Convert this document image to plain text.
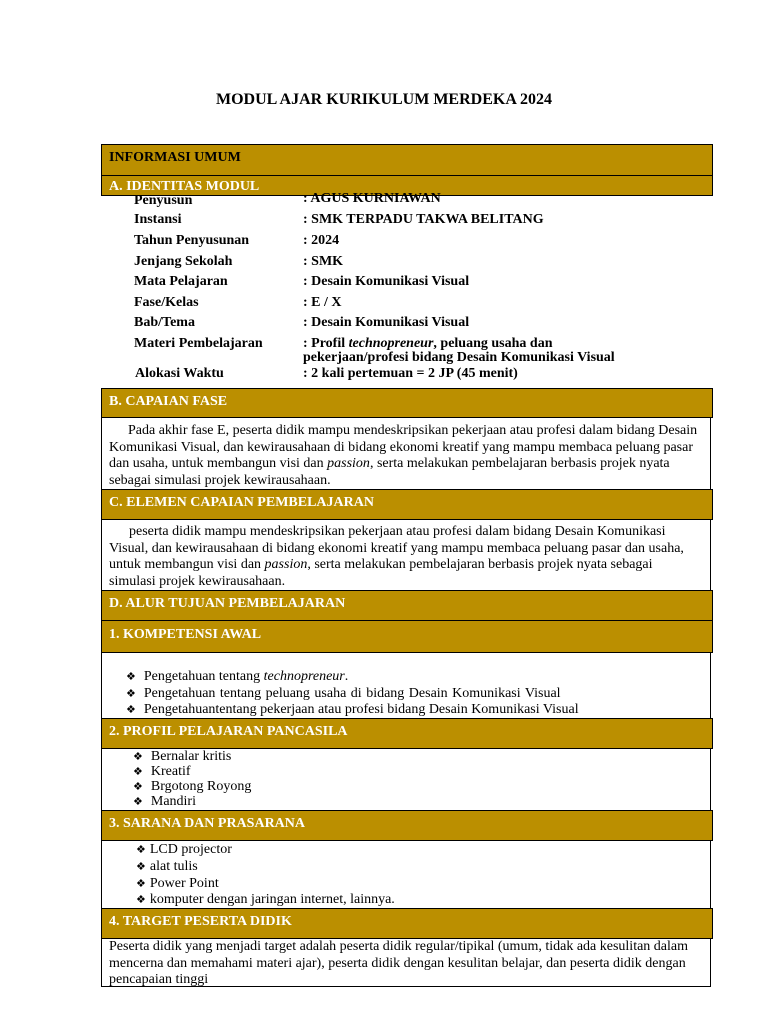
MODUL AJAR KURIKULUM MERDEKA 2024
INFORMASI UMUM
A. IDENTITAS MODUL
Penyusun	: AGUS KURNIAWAN
Instansi	: SMK TERPADU TAKWA BELITANG
Tahun Penyusunan	: 2024
Jenjang Sekolah	: SMK
Mata Pelajaran	: Desain Komunikasi Visual
Fase/Kelas	: E / X
Bab/Tema	: Desain Komunikasi Visual
Materi Pembelajaran	: Profil technopreneur, peluang usaha dan
pekerjaan/profesi bidang Desain Komunikasi Visual
Alokasi Waktu	: 2 kali pertemuan = 2 JP (45 menit)
B. CAPAIAN FASE
Pada akhir fase E, peserta didik mampu mendeskripsikan pekerjaan atau profesi dalam bidang Desain Komunikasi Visual, dan kewirausahaan di bidang ekonomi kreatif yang mampu membaca peluang pasar dan usaha, untuk membangun visi dan passion, serta melakukan pembelajaran berbasis projek nyata sebagai simulasi projek kewirausahaan.
C. ELEMEN CAPAIAN PEMBELAJARAN
peserta didik mampu mendeskripsikan pekerjaan atau profesi dalam bidang Desain Komunikasi Visual, dan kewirausahaan di bidang ekonomi kreatif yang mampu membaca peluang pasar dan usaha, untuk membangun visi dan passion, serta melakukan pembelajaran berbasis projek nyata sebagai simulasi projek kewirausahaan.
D. ALUR TUJUAN PEMBELAJARAN
1. KOMPETENSI AWAL
❖ Pengetahuan tentang technopreneur.
❖ Pengetahuan tentang peluang usaha di bidang Desain Komunikasi Visual
❖ Pengetahuantentang pekerjaan atau profesi bidang Desain Komunikasi Visual
2. PROFIL PELAJARAN PANCASILA
❖ Bernalar kritis
❖ Kreatif
❖ Brgotong Royong
❖ Mandiri
3. SARANA DAN PRASARANA
❖ LCD projector
❖ alat tulis
❖ Power Point
❖ komputer dengan jaringan internet, lainnya.
4. TARGET PESERTA DIDIK
Peserta didik yang menjadi target adalah peserta didik regular/tipikal (umum, tidak ada kesulitan dalam mencerna dan memahami materi ajar), peserta didik dengan kesulitan belajar, dan peserta didik dengan pencapaian tinggi
